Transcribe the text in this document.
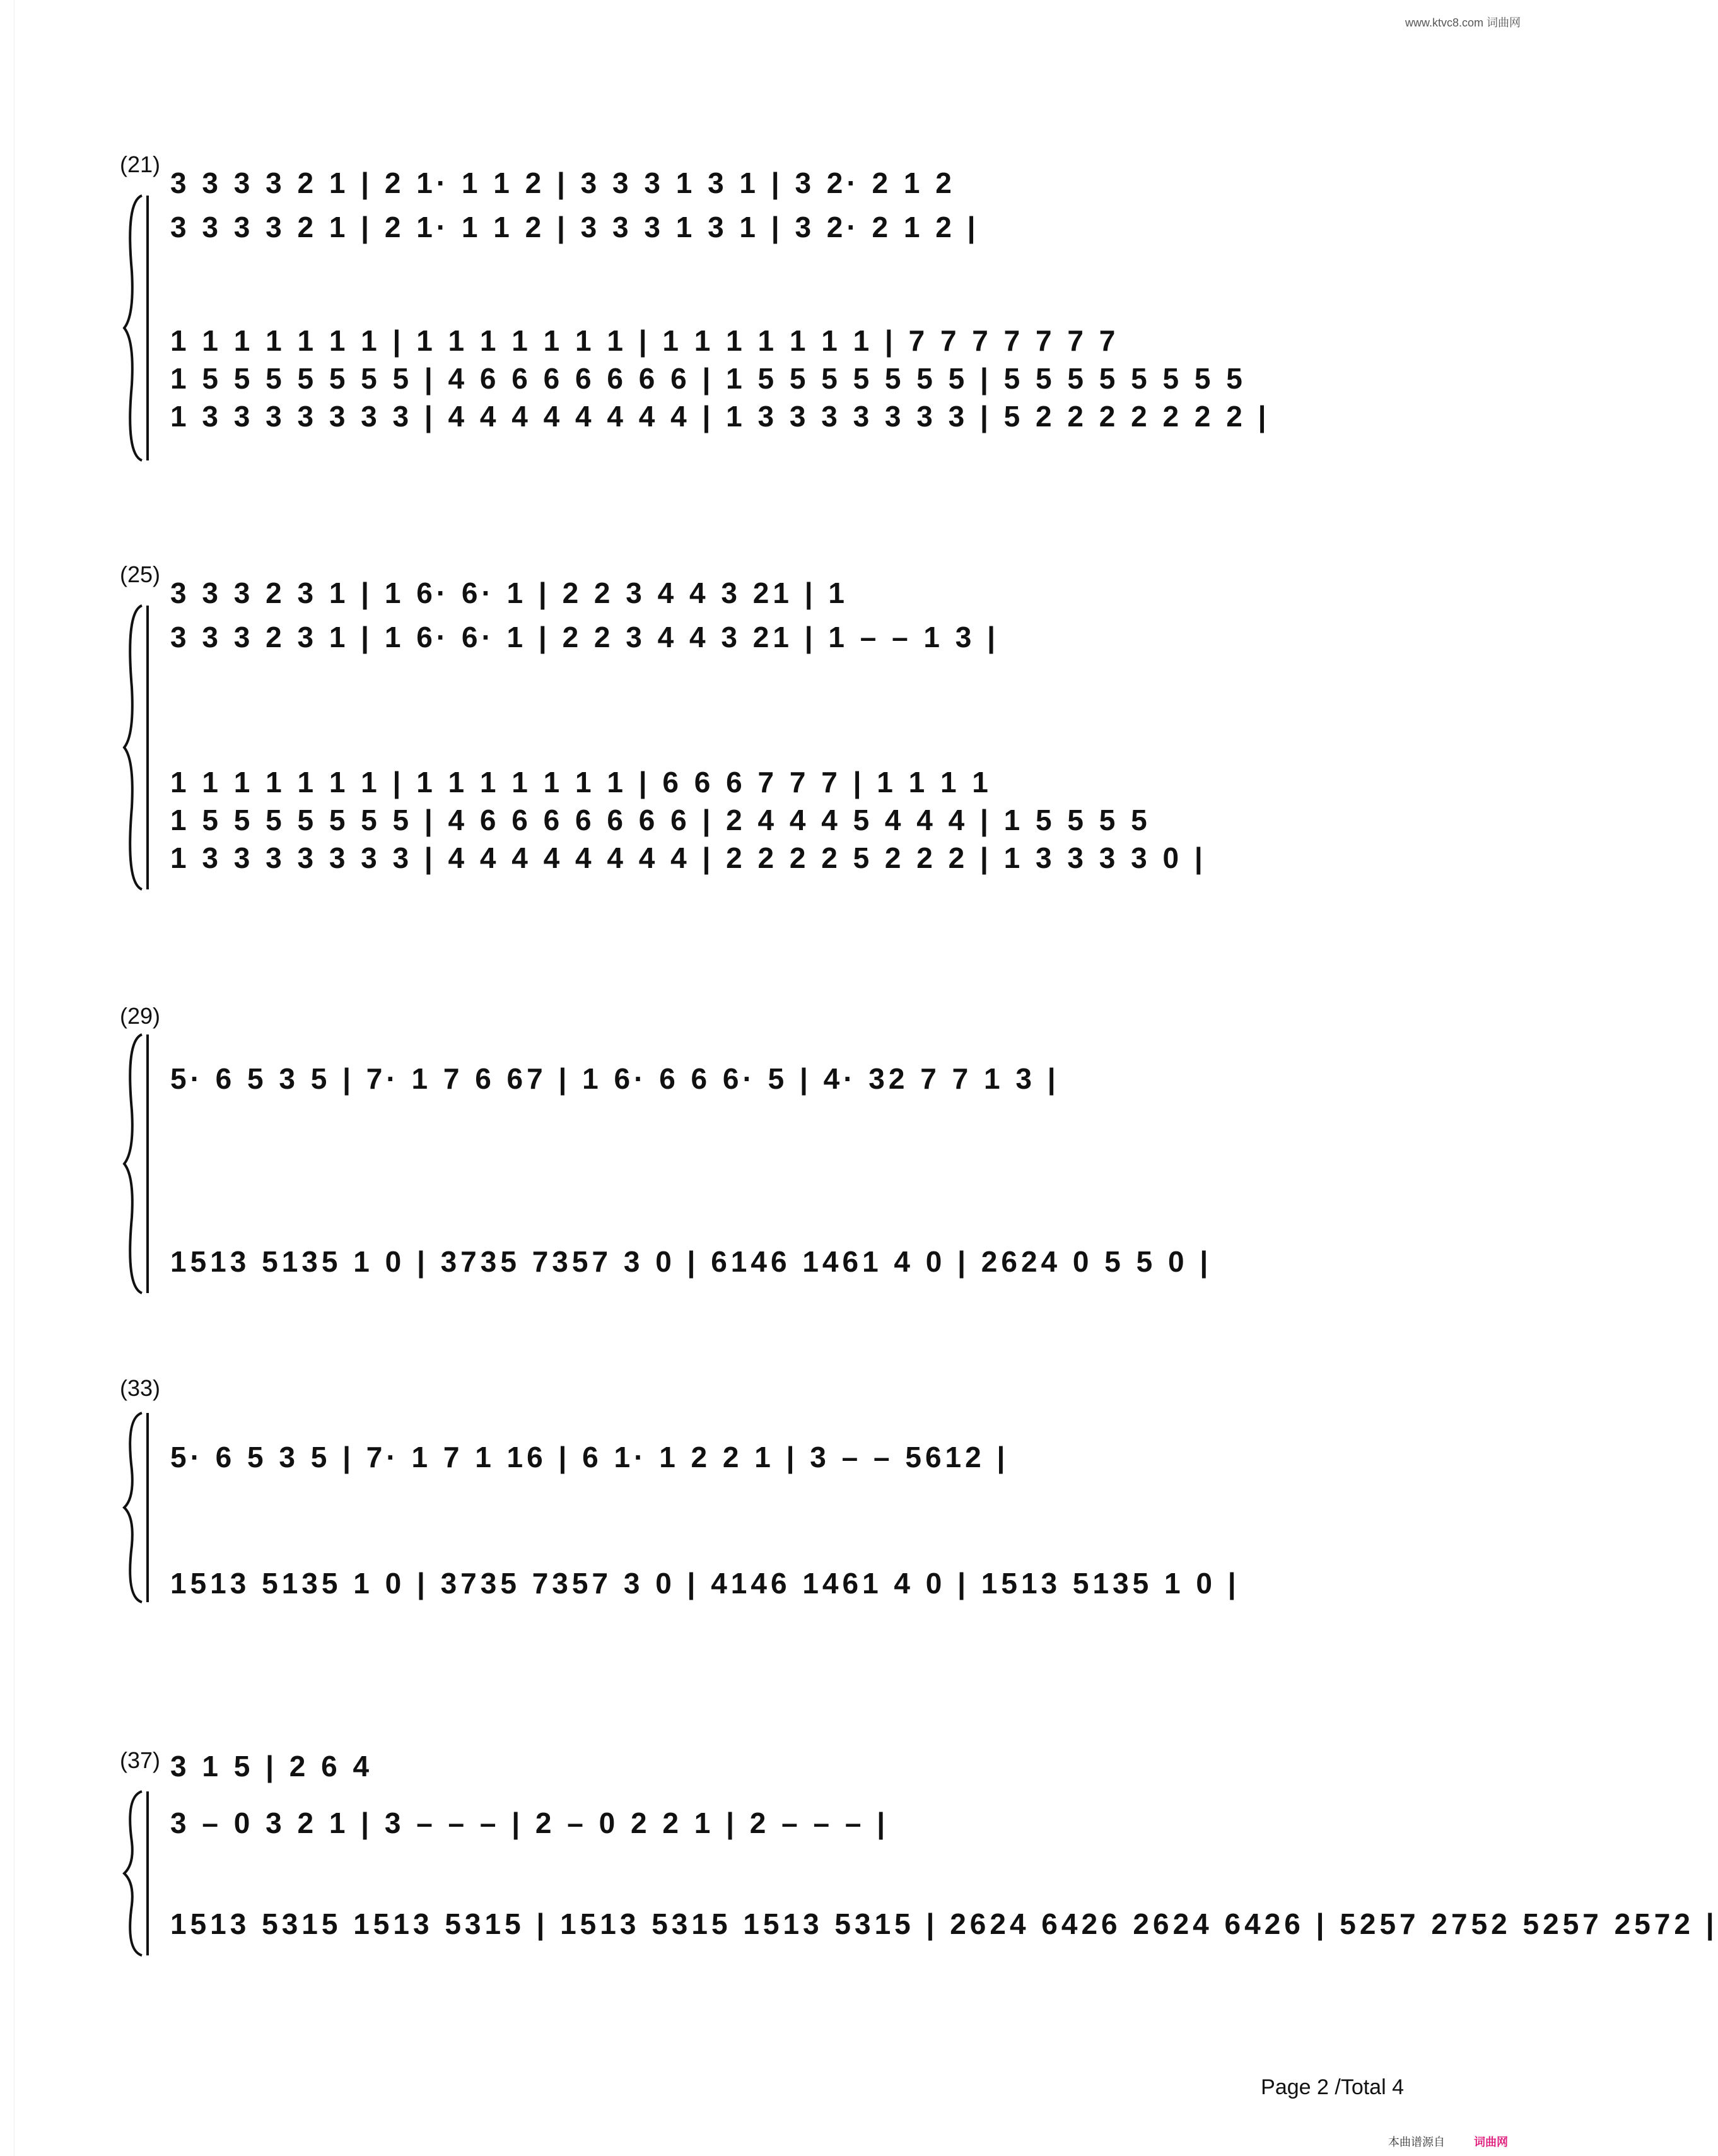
www.ktvc8.com 词曲网
(21)
3 3 3 3 2 1 | 2 1· 1 1 2 | 3 3 3 1 3 1 | 3 2· 2 1 2
3 3 3 3 2 1 | 2 1· 1 1 2 | 3 3 3 1 3 1 | 3 2· 2 1 2 |
1 1 1 1 1 1 1 | 1 1 1 1 1 1 1 | 1 1 1 1 1 1 1 | 7 7 7 7 7 7 7
1 5 5 5 5 5 5 5 | 4 6 6 6 6 6 6 6 | 1 5 5 5 5 5 5 5 | 5 5 5 5 5 5 5 5
1 3 3 3 3 3 3 3 | 4 4 4 4 4 4 4 4 | 1 3 3 3 3 3 3 3 | 5 2 2 2 2 2 2 2 |
(25)
3 3 3 2 3 1 | 1 6· 6· 1 | 2 2 3 4 4 3 21 | 1
3 3 3 2 3 1 | 1 6· 6· 1 | 2 2 3 4 4 3 21 | 1 – – 1 3 |
1 1 1 1 1 1 1 | 1 1 1 1 1 1 1 | 6 6 6 7 7 7 | 1 1 1 1
1 5 5 5 5 5 5 5 | 4 6 6 6 6 6 6 6 | 2 4 4 4 5 4 4 4 | 1 5 5 5 5
1 3 3 3 3 3 3 3 | 4 4 4 4 4 4 4 4 | 2 2 2 2 5 2 2 2 | 1 3 3 3 3 0 |
(29)
5· 6 5 3 5 | 7· 1 7 6 67 | 1 6· 6 6 6· 5 | 4· 32 7 7 1 3 |
1513 5135 1 0 | 3735 7357 3 0 | 6146 1461 4 0 | 2624 0 5 5 0 |
(33)
5· 6 5 3 5 | 7· 1 7 1 16 | 6 1· 1 2 2 1 | 3 – – 5612 |
1513 5135 1 0 | 3735 7357 3 0 | 4146 1461 4 0 | 1513 5135 1 0 |
(37) 3 1 5 | 2 6 4
3 – 0 3 2 1 | 3 – – – | 2 – 0 2 2 1 | 2 – – – |
1513 5315 1513 5315 | 1513 5315 1513 5315 | 2624 6426 2624 6426 | 5257 2752 5257 2572 |
Page 2 /Total 4
本曲谱源自	词曲网
